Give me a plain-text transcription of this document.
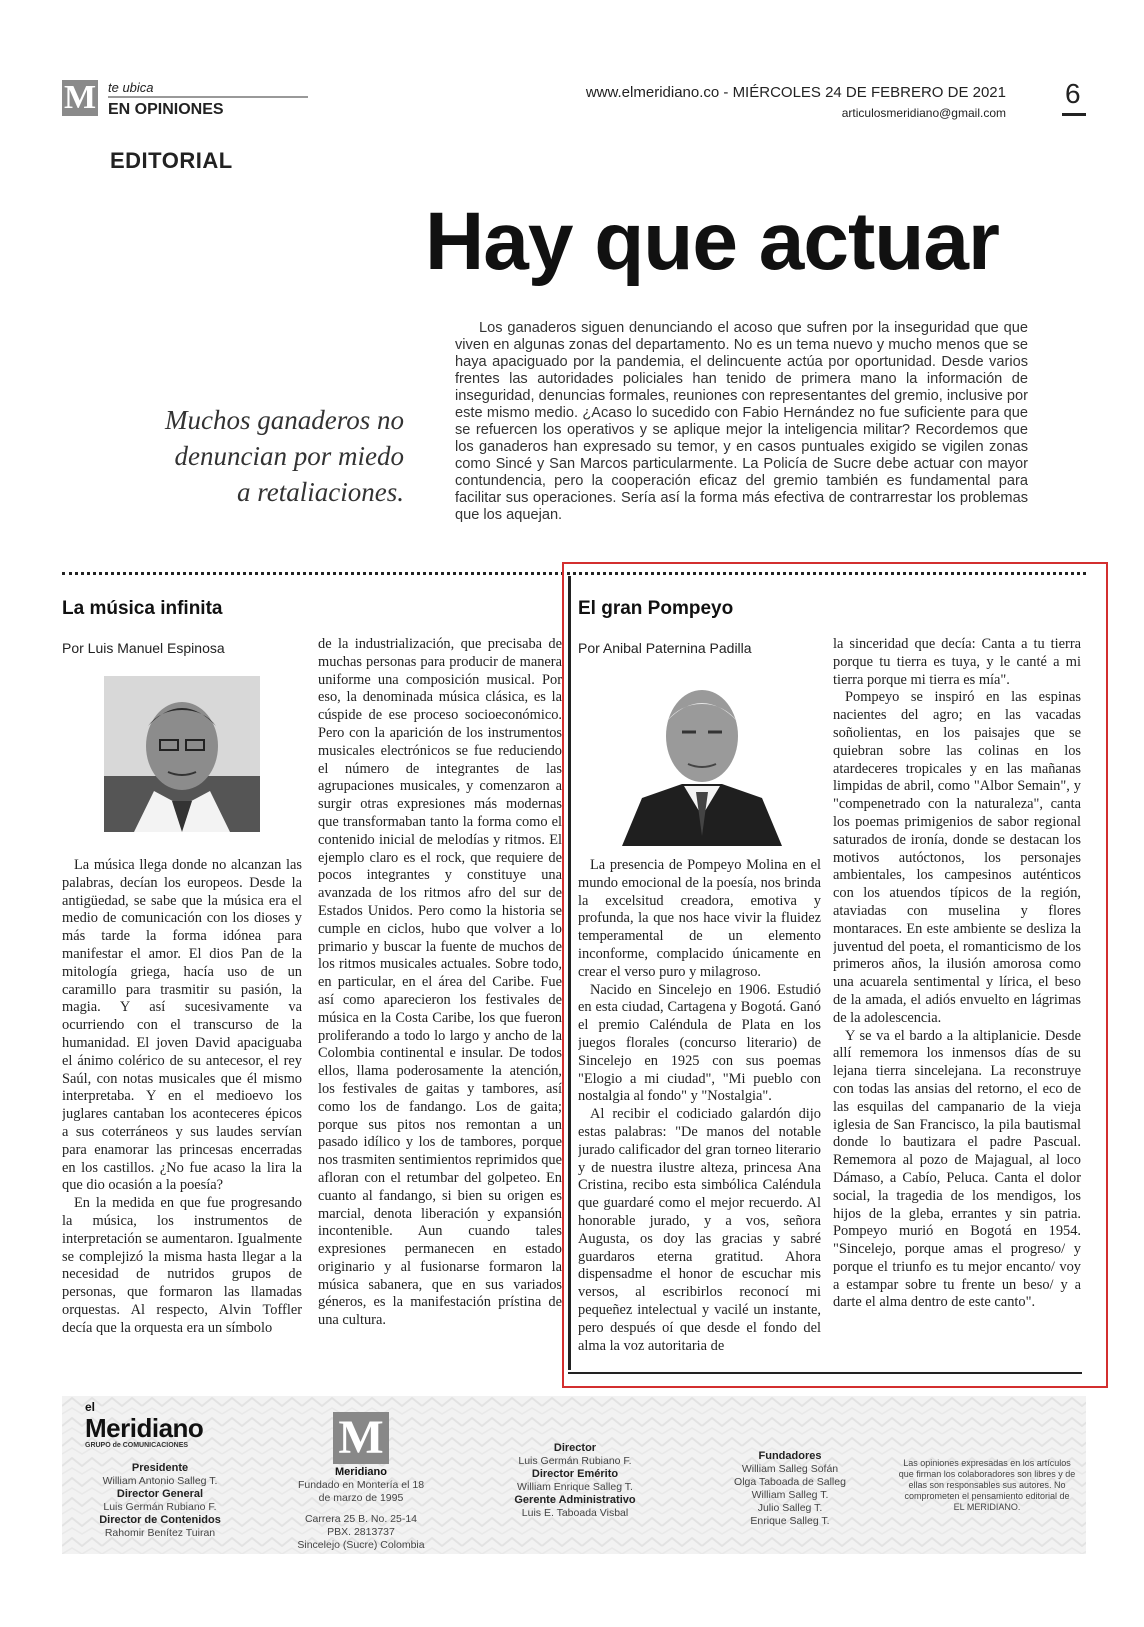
M te ubica
EN OPINIONES
www.elmeridiano.co - MIÉRCOLES 24 DE FEBRERO DE 2021
articulosmeridiano@gmail.com
6
EDITORIAL
Hay que actuar
Muchos ganaderos no denuncian por miedo a retaliaciones.

Los ganaderos siguen denunciando el acoso que sufren por la inseguridad que que viven en algunas zonas del departamento. No es un tema nuevo y mucho menos que se haya apaciguado por la pandemia, el delincuente actúa por oportunidad. Desde varios frentes las autoridades policiales han tenido de primera mano la información de inseguridad, denuncias formales, reuniones con representantes del gremio, inclusive por este mismo medio. ¿Acaso lo sucedido con Fabio Hernández no fue suficiente para que se refuercen los operativos y se aplique mejor la inteligencia militar? Recordemos que los ganaderos han expresado su temor, y en casos puntuales exigido se vigilen zonas como Sincé y San Marcos particularmente. La Policía de Sucre debe actuar con mayor contundencia, pero la cooperación eficaz del gremio también es fundamental para facilitar sus operaciones. Sería así la forma más efectiva de contrarrestar los problemas que los aquejan.

La música infinita
Por Luis Manuel Espinosa

La música llega donde no alcanzan las palabras, decían los europeos. Desde la antigüedad, se sabe que la música era el medio de comunicación con los dioses y más tarde la forma idónea para manifestar el amor. El dios Pan de la mitología griega, hacía uso de un caramillo para trasmitir su pasión, la magia. Y así sucesivamente va ocurriendo con el transcurso de la humanidad. El joven David apaciguaba el ánimo colérico de su antecesor, el rey Saúl, con notas musicales que él mismo interpretaba. Y en el medioevo los juglares cantaban los aconteceres épicos a sus coterráneos y sus laudes servían para enamorar las princesas encerradas en los castillos. ¿No fue acaso la lira la que dio ocasión a la poesía?

En la medida en que fue progresando la música, los instrumentos de interpretación se aumentaron. Igualmente se complejizó la misma hasta llegar a la necesidad de nutridos grupos de personas, que formaron las llamadas orquestas. Al respecto, Alvin Toffler decía que la orquesta era un símbolo

de la industrialización, que precisaba de muchas personas para producir de manera uniforme una composición musical. Por eso, la denominada música clásica, es la cúspide de ese proceso socioeconómico. Pero con la aparición de los instrumentos musicales electrónicos se fue reduciendo el número de integrantes de las agrupaciones musicales, y comenzaron a surgir otras expresiones más modernas que transformaban tanto la forma como el contenido inicial de melodías y ritmos. El ejemplo claro es el rock, que requiere de pocos integrantes y constituye una avanzada de los ritmos afro del sur de Estados Unidos. Pero como la historia se cumple en ciclos, hubo que volver a lo primario y buscar la fuente de muchos de los ritmos musicales actuales. Sobre todo, en particular, en el área del Caribe. Fue así como aparecieron los festivales de música en la Costa Caribe, los que fueron proliferando a todo lo largo y ancho de la Colombia continental e insular. De todos ellos, llama poderosamente la atención, los festivales de gaitas y tambores, así como los de fandango. Los de gaita; porque sus pitos nos remontan a un pasado idílico y los de tambores, porque nos trasmiten sentimientos reprimidos que afloran con el retumbar del golpeteo. En cuanto al fandango, si bien su origen es marcial, denota liberación y expansión incontenible. Aun cuando tales expresiones permanecen en estado originario y al fusionarse formaron la música sabanera, que en sus variados géneros, es la manifestación prístina de una cultura.

El gran Pompeyo
Por Anibal Paternina Padilla

La presencia de Pompeyo Molina en el mundo emocional de la poesía, nos brinda la excelsitud creadora, emotiva y profunda, la que nos hace vivir la fluidez temperamental de un elemento inconforme, complacido únicamente en crear el verso puro y milagroso.

Nacido en Sincelejo en 1906. Estudió en esta ciudad, Cartagena y Bogotá. Ganó el premio Caléndula de Plata en los juegos florales (concurso literario) de Sincelejo en 1925 con sus poemas "Elogio a mi ciudad", "Mi pueblo con nostalgia al fondo" y "Nostalgia".

Al recibir el codiciado galardón dijo estas palabras: "De manos del notable jurado calificador del gran torneo literario y de nuestra ilustre alteza, princesa Ana Cristina, recibo esta simbólica Caléndula que guardaré como el mejor recuerdo. Al honorable jurado, y a vos, señora Augusta, os doy las gracias y sabré guardaros eterna gratitud. Ahora dispensadme el honor de escuchar mis versos, al escribirlos reconocí mi pequeñez intelectual y vacilé un instante, pero después oí que desde el fondo del alma la voz autoritaria de

la sinceridad que decía: Canta a tu tierra porque tu tierra es tuya, y le canté a mi tierra porque mi tierra es mía".

Pompeyo se inspiró en las espinas nacientes del agro; en las vacadas soñolientas, en los paisajes que se quiebran sobre las colinas en los atardeceres tropicales y en las mañanas limpidas de abril, como "Albor Semain", y "compenetrado con la naturaleza", canta los poemas primigenios de sabor regional saturados de ironía, donde se destacan los motivos autóctonos, los personajes ambientales, los campesinos auténticos con los atuendos típicos de la región, ataviadas con muselina y flores montaraces. En este ambiente se desliza la juventud del poeta, el romanticismo de los primeros años, la ilusión amorosa como una acuarela sentimental y lírica, el beso de la amada, el adiós envuelto en lágrimas de la adolescencia.

Y se va el bardo a la altiplanicie. Desde allí rememora los inmensos días de su lejana tierra sincelejana. La reconstruye con todas las ansias del retorno, el eco de las esquilas del campanario de la vieja iglesia de San Francisco, la pila bautismal donde lo bautizara el padre Pascual. Rememora al pozo de Majagual, al loco Dámaso, a Cabío, Peluca. Canta el dolor social, la tragedia de los mendigos, los hijos de la gleba, errantes y sin patria. Pompeyo murió en Bogotá en 1954. "Sincelejo, porque amas el progreso/ y porque el triunfo es tu mejor encanto/ voy a estampar sobre tu frente un beso/ y a darte el alma dentro de este canto".

el
Meridiano
GRUPO de COMUNICACIONES
Presidente
William Antonio Salleg T.
Director General
Luis Germán Rubiano F.
Director de Contenidos
Rahomir Benítez Tuiran
M
Meridiano
Fundado en Montería el 18 de marzo de 1995
Carrera 25 B. No. 25-14
PBX. 2813737
Sincelejo (Sucre) Colombia
Director
Luis Germán Rubiano F.
Director Emérito
William Enrique Salleg T.
Gerente Administrativo
Luis E. Taboada Visbal
Fundadores
William Salleg Sofán
Olga Taboada de Salleg
William Salleg T.
Julio Salleg T.
Enrique Salleg T.
Las opiniones expresadas en los artículos que firman los colaboradores son libres y de ellas son responsables sus autores. No comprometen el pensamiento editorial de EL MERIDIANO.
